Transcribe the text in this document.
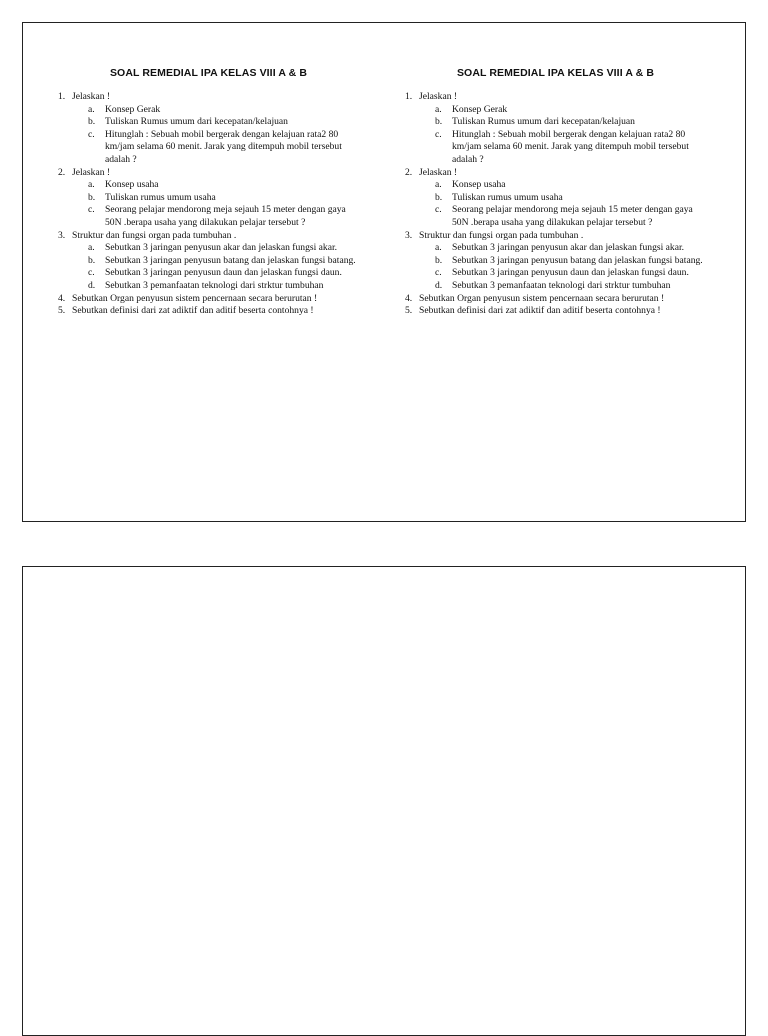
SOAL REMEDIAL IPA KELAS VIII A & B
1. Jelaskan !
a. Konsep Gerak
b. Tuliskan Rumus umum dari kecepatan/kelajuan
c. Hitunglah : Sebuah mobil bergerak dengan kelajuan rata2 80 km/jam selama 60 menit. Jarak yang ditempuh mobil tersebut adalah ?
2. Jelaskan !
a. Konsep usaha
b. Tuliskan rumus umum usaha
c. Seorang pelajar mendorong meja sejauh 15 meter dengan gaya 50N .berapa usaha yang dilakukan pelajar tersebut ?
3. Struktur dan fungsi organ pada tumbuhan .
a. Sebutkan 3 jaringan penyusun akar dan jelaskan fungsi akar.
b. Sebutkan 3 jaringan penyusun batang dan jelaskan fungsi batang.
c. Sebutkan 3 jaringan penyusun daun dan jelaskan fungsi daun.
d. Sebutkan 3 pemanfaatan teknologi dari strktur tumbuhan
4. Sebutkan Organ penyusun sistem pencernaan secara berurutan !
5. Sebutkan definisi dari zat adiktif dan aditif beserta contohnya !
SOAL REMEDIAL IPA KELAS VIII A & B
1. Jelaskan !
a. Konsep Gerak
b. Tuliskan Rumus umum dari kecepatan/kelajuan
c. Hitunglah : Sebuah mobil bergerak dengan kelajuan rata2 80 km/jam selama 60 menit. Jarak yang ditempuh mobil tersebut adalah ?
2. Jelaskan !
a. Konsep usaha
b. Tuliskan rumus umum usaha
c. Seorang pelajar mendorong meja sejauh 15 meter dengan gaya 50N .berapa usaha yang dilakukan pelajar tersebut ?
3. Struktur dan fungsi organ pada tumbuhan .
a. Sebutkan 3 jaringan penyusun akar dan jelaskan fungsi akar.
b. Sebutkan 3 jaringan penyusun batang dan jelaskan fungsi batang.
c. Sebutkan 3 jaringan penyusun daun dan jelaskan fungsi daun.
d. Sebutkan 3 pemanfaatan teknologi dari strktur tumbuhan
4. Sebutkan Organ penyusun sistem pencernaan secara berurutan !
5. Sebutkan definisi dari zat adiktif dan aditif beserta contohnya !
